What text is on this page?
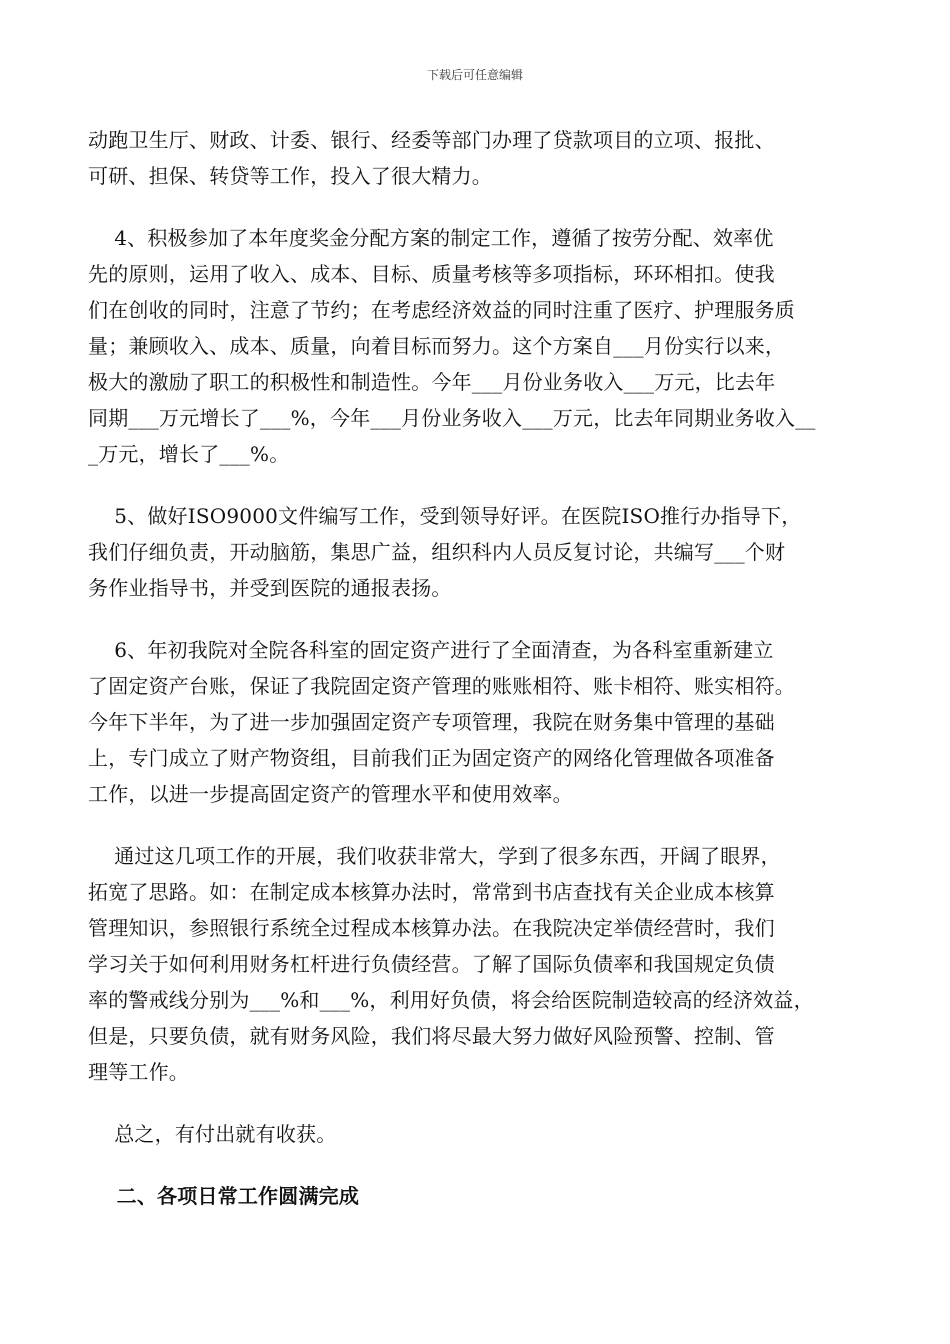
下载后可任意编辑
动跑卫生厅、财政、计委、银行、经委等部门办理了贷款项目的立项、报批、
可研、担保、转贷等工作，投入了很大精力。
4、积极参加了本年度奖金分配方案的制定工作，遵循了按劳分配、效率优
先的原则，运用了收入、成本、目标、质量考核等多项指标，环环相扣。使我
们在创收的同时，注意了节约；在考虑经济效益的同时注重了医疗、护理服务质
量；兼顾收入、成本、质量，向着目标而努力。这个方案自___月份实行以来，
极大的激励了职工的积极性和制造性。今年___月份业务收入___万元，比去年
同期___万元增长了___%，今年___月份业务收入___万元，比去年同期业务收入__
_万元，增长了___%。
5、做好ISO9000文件编写工作，受到领导好评。在医院ISO推行办指导下，
我们仔细负责，开动脑筋，集思广益，组织科内人员反复讨论，共编写___个财
务作业指导书，并受到医院的通报表扬。
6、年初我院对全院各科室的固定资产进行了全面清查，为各科室重新建立
了固定资产台账，保证了我院固定资产管理的账账相符、账卡相符、账实相符。
今年下半年，为了进一步加强固定资产专项管理，我院在财务集中管理的基础
上，专门成立了财产物资组，目前我们正为固定资产的网络化管理做各项准备
工作，以进一步提高固定资产的管理水平和使用效率。
通过这几项工作的开展，我们收获非常大，学到了很多东西，开阔了眼界，
拓宽了思路。如：在制定成本核算办法时，常常到书店查找有关企业成本核算
管理知识，参照银行系统全过程成本核算办法。在我院决定举债经营时，我们
学习关于如何利用财务杠杆进行负债经营。了解了国际负债率和我国规定负债
率的警戒线分别为___%和___%，利用好负债，将会给医院制造较高的经济效益，
但是，只要负债，就有财务风险，我们将尽最大努力做好风险预警、控制、管
理等工作。
总之，有付出就有收获。
二、各项日常工作圆满完成
